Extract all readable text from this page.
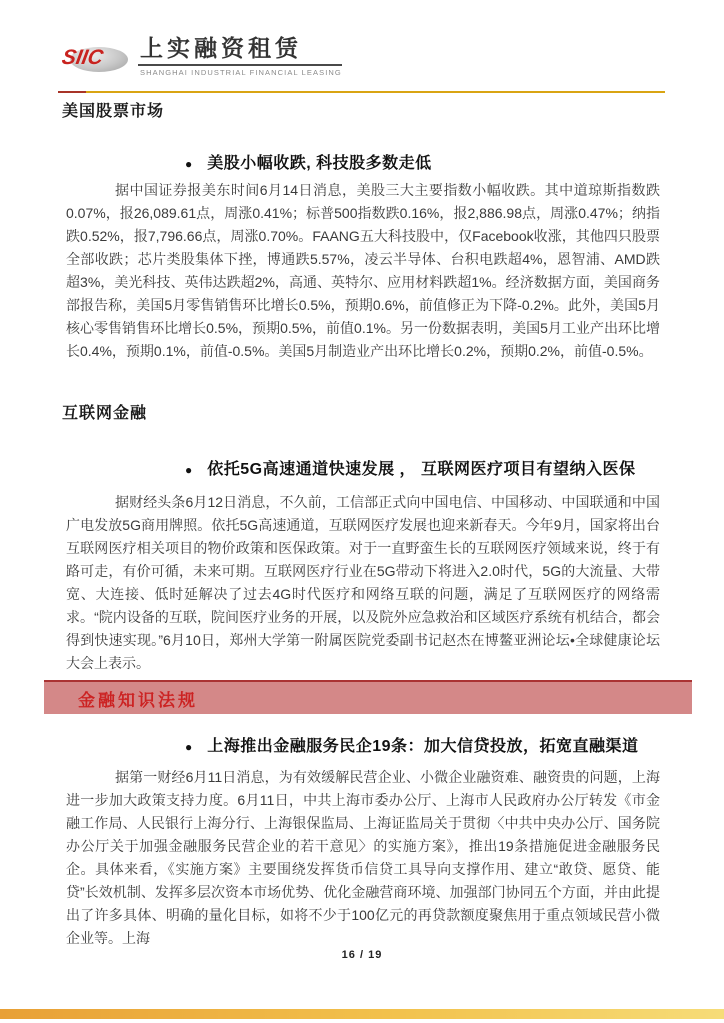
SIIC 上实融资租赁
SHANGHAI INDUSTRIAL FINANCIAL LEASING
美国股票市场
● 美股小幅收跌, 科技股多数走低
据中国证券报美东时间6月14日消息，美股三大主要指数小幅收跌。其中道琼斯指数跌0.07%，报26,089.61点，周涨0.41%；标普500指数跌0.16%，报2,886.98点，周涨0.47%；纳指跌0.52%，报7,796.66点，周涨0.70%。FAANG五大科技股中，仅Facebook收涨，其他四只股票全部收跌；芯片类股集体下挫，博通跌5.57%，凌云半导体、台积电跌超4%，恩智浦、AMD跌超3%，美光科技、英伟达跌超2%，高通、英特尔、应用材料跌超1%。经济数据方面，美国商务部报告称，美国5月零售销售环比增长0.5%，预期0.6%，前值修正为下降-0.2%。此外，美国5月核心零售销售环比增长0.5%，预期0.5%，前值0.1%。另一份数据表明，美国5月工业产出环比增长0.4%，预期0.1%，前值-0.5%。美国5月制造业产出环比增长0.2%，预期0.2%，前值-0.5%。
互联网金融
● 依托5G高速通道快速发展 ， 互联网医疗项目有望纳入医保
据财经头条6月12日消息，不久前，工信部正式向中国电信、中国移动、中国联通和中国广电发放5G商用牌照。依托5G高速通道，互联网医疗发展也迎来新春天。今年9月，国家将出台互联网医疗相关项目的物价政策和医保政策。对于一直野蛮生长的互联网医疗领域来说，终于有路可走，有价可循，未来可期。互联网医疗行业在5G带动下将进入2.0时代，5G的大流量、大带宽、大连接、低时延解决了过去4G时代医疗和网络互联的问题，满足了互联网医疗的网络需求。“院内设备的互联，院间医疗业务的开展，以及院外应急救治和区域医疗系统有机结合，都会得到快速实现。”6月10日，郑州大学第一附属医院党委副书记赵杰在博鳌亚洲论坛•全球健康论坛大会上表示。
金融知识法规
● 上海推出金融服务民企19条：加大信贷投放，拓宽直融渠道
据第一财经6月11日消息，为有效缓解民营企业、小微企业融资难、融资贵的问题，上海进一步加大政策支持力度。6月11日，中共上海市委办公厅、上海市人民政府办公厅转发《市金融工作局、人民银行上海分行、上海银保监局、上海证监局关于贯彻〈中共中央办公厅、国务院办公厅关于加强金融服务民营企业的若干意见〉的实施方案》，推出19条措施促进金融服务民企。具体来看，《实施方案》主要围绕发挥货币信贷工具导向支撑作用、建立“敢贷、愿贷、能贷”长效机制、发挥多层次资本市场优势、优化金融营商环境、加强部门协同五个方面，并由此提出了许多具体、明确的量化目标，如将不少于100亿元的再贷款额度聚焦用于重点领域民营小微企业等。上海
16 / 19
